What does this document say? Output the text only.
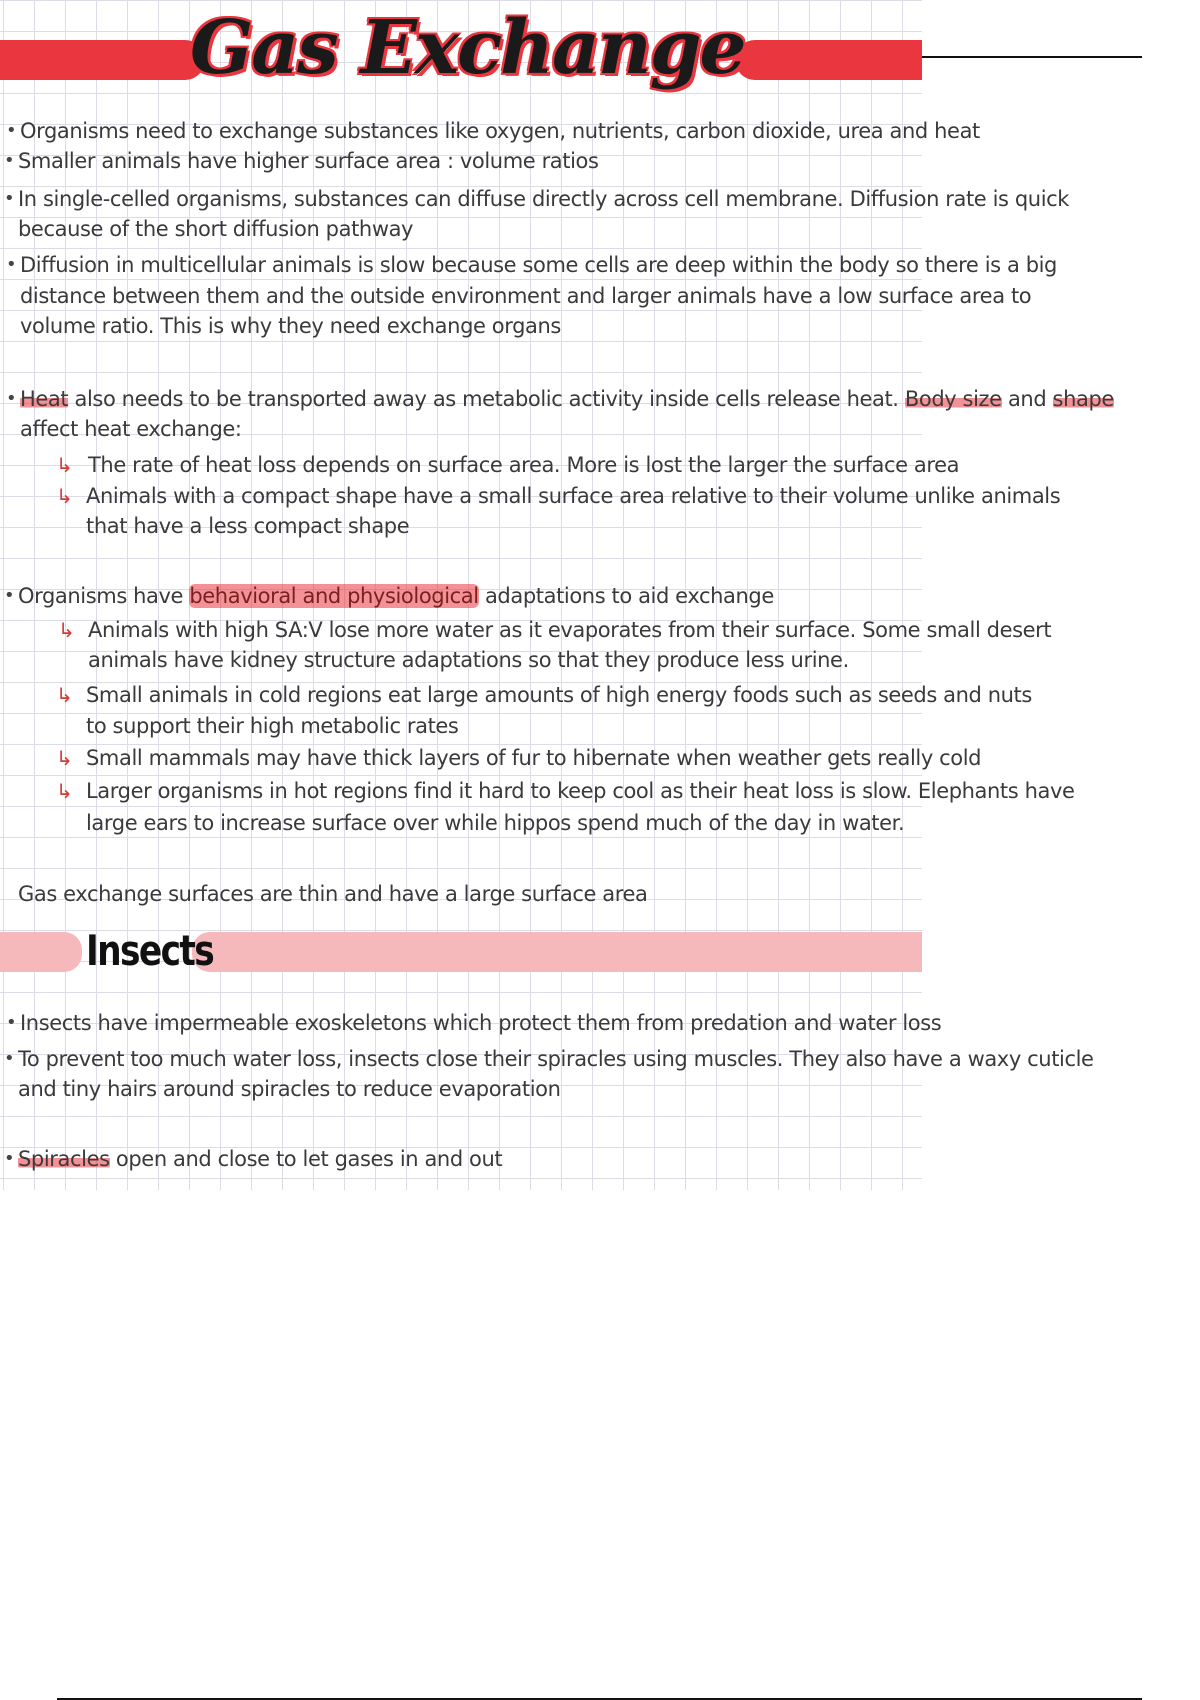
Gas Exchange
• Organisms need to exchange substances like oxygen, nutrients, carbon dioxide, urea and heat
• Smaller animals have higher surface area : volume ratios
• In single-celled organisms, substances can diffuse directly across cell membrane. Diffusion rate is quick
because of the short diffusion pathway
• Diffusion in multicellular animals is slow because some cells are deep within the body so there is a big
distance between them and the outside environment and larger animals have a low surface area to
volume ratio. This is why they need exchange organs
• Heat also needs to be transported away as metabolic activity inside cells release heat. Body size and shape
affect heat exchange:
↳ The rate of heat loss depends on surface area. More is lost the larger the surface area
↳ Animals with a compact shape have a small surface area relative to their volume unlike animals
that have a less compact shape
• Organisms have behavioral and physiological adaptations to aid exchange
↳ Animals with high SA:V lose more water as it evaporates from their surface. Some small desert
animals have kidney structure adaptations so that they produce less urine.
↳ Small animals in cold regions eat large amounts of high energy foods such as seeds and nuts
to support their high metabolic rates
↳ Small mammals may have thick layers of fur to hibernate when weather gets really cold
↳ Larger organisms in hot regions find it hard to keep cool as their heat loss is slow. Elephants have
large ears to increase surface over while hippos spend much of the day in water.
Gas exchange surfaces are thin and have a large surface area
Insects
• Insects have impermeable exoskeletons which protect them from predation and water loss
• To prevent too much water loss, insects close their spiracles using muscles. They also have a waxy cuticle
and tiny hairs around spiracles to reduce evaporation
• Spiracles open and close to let gases in and out
